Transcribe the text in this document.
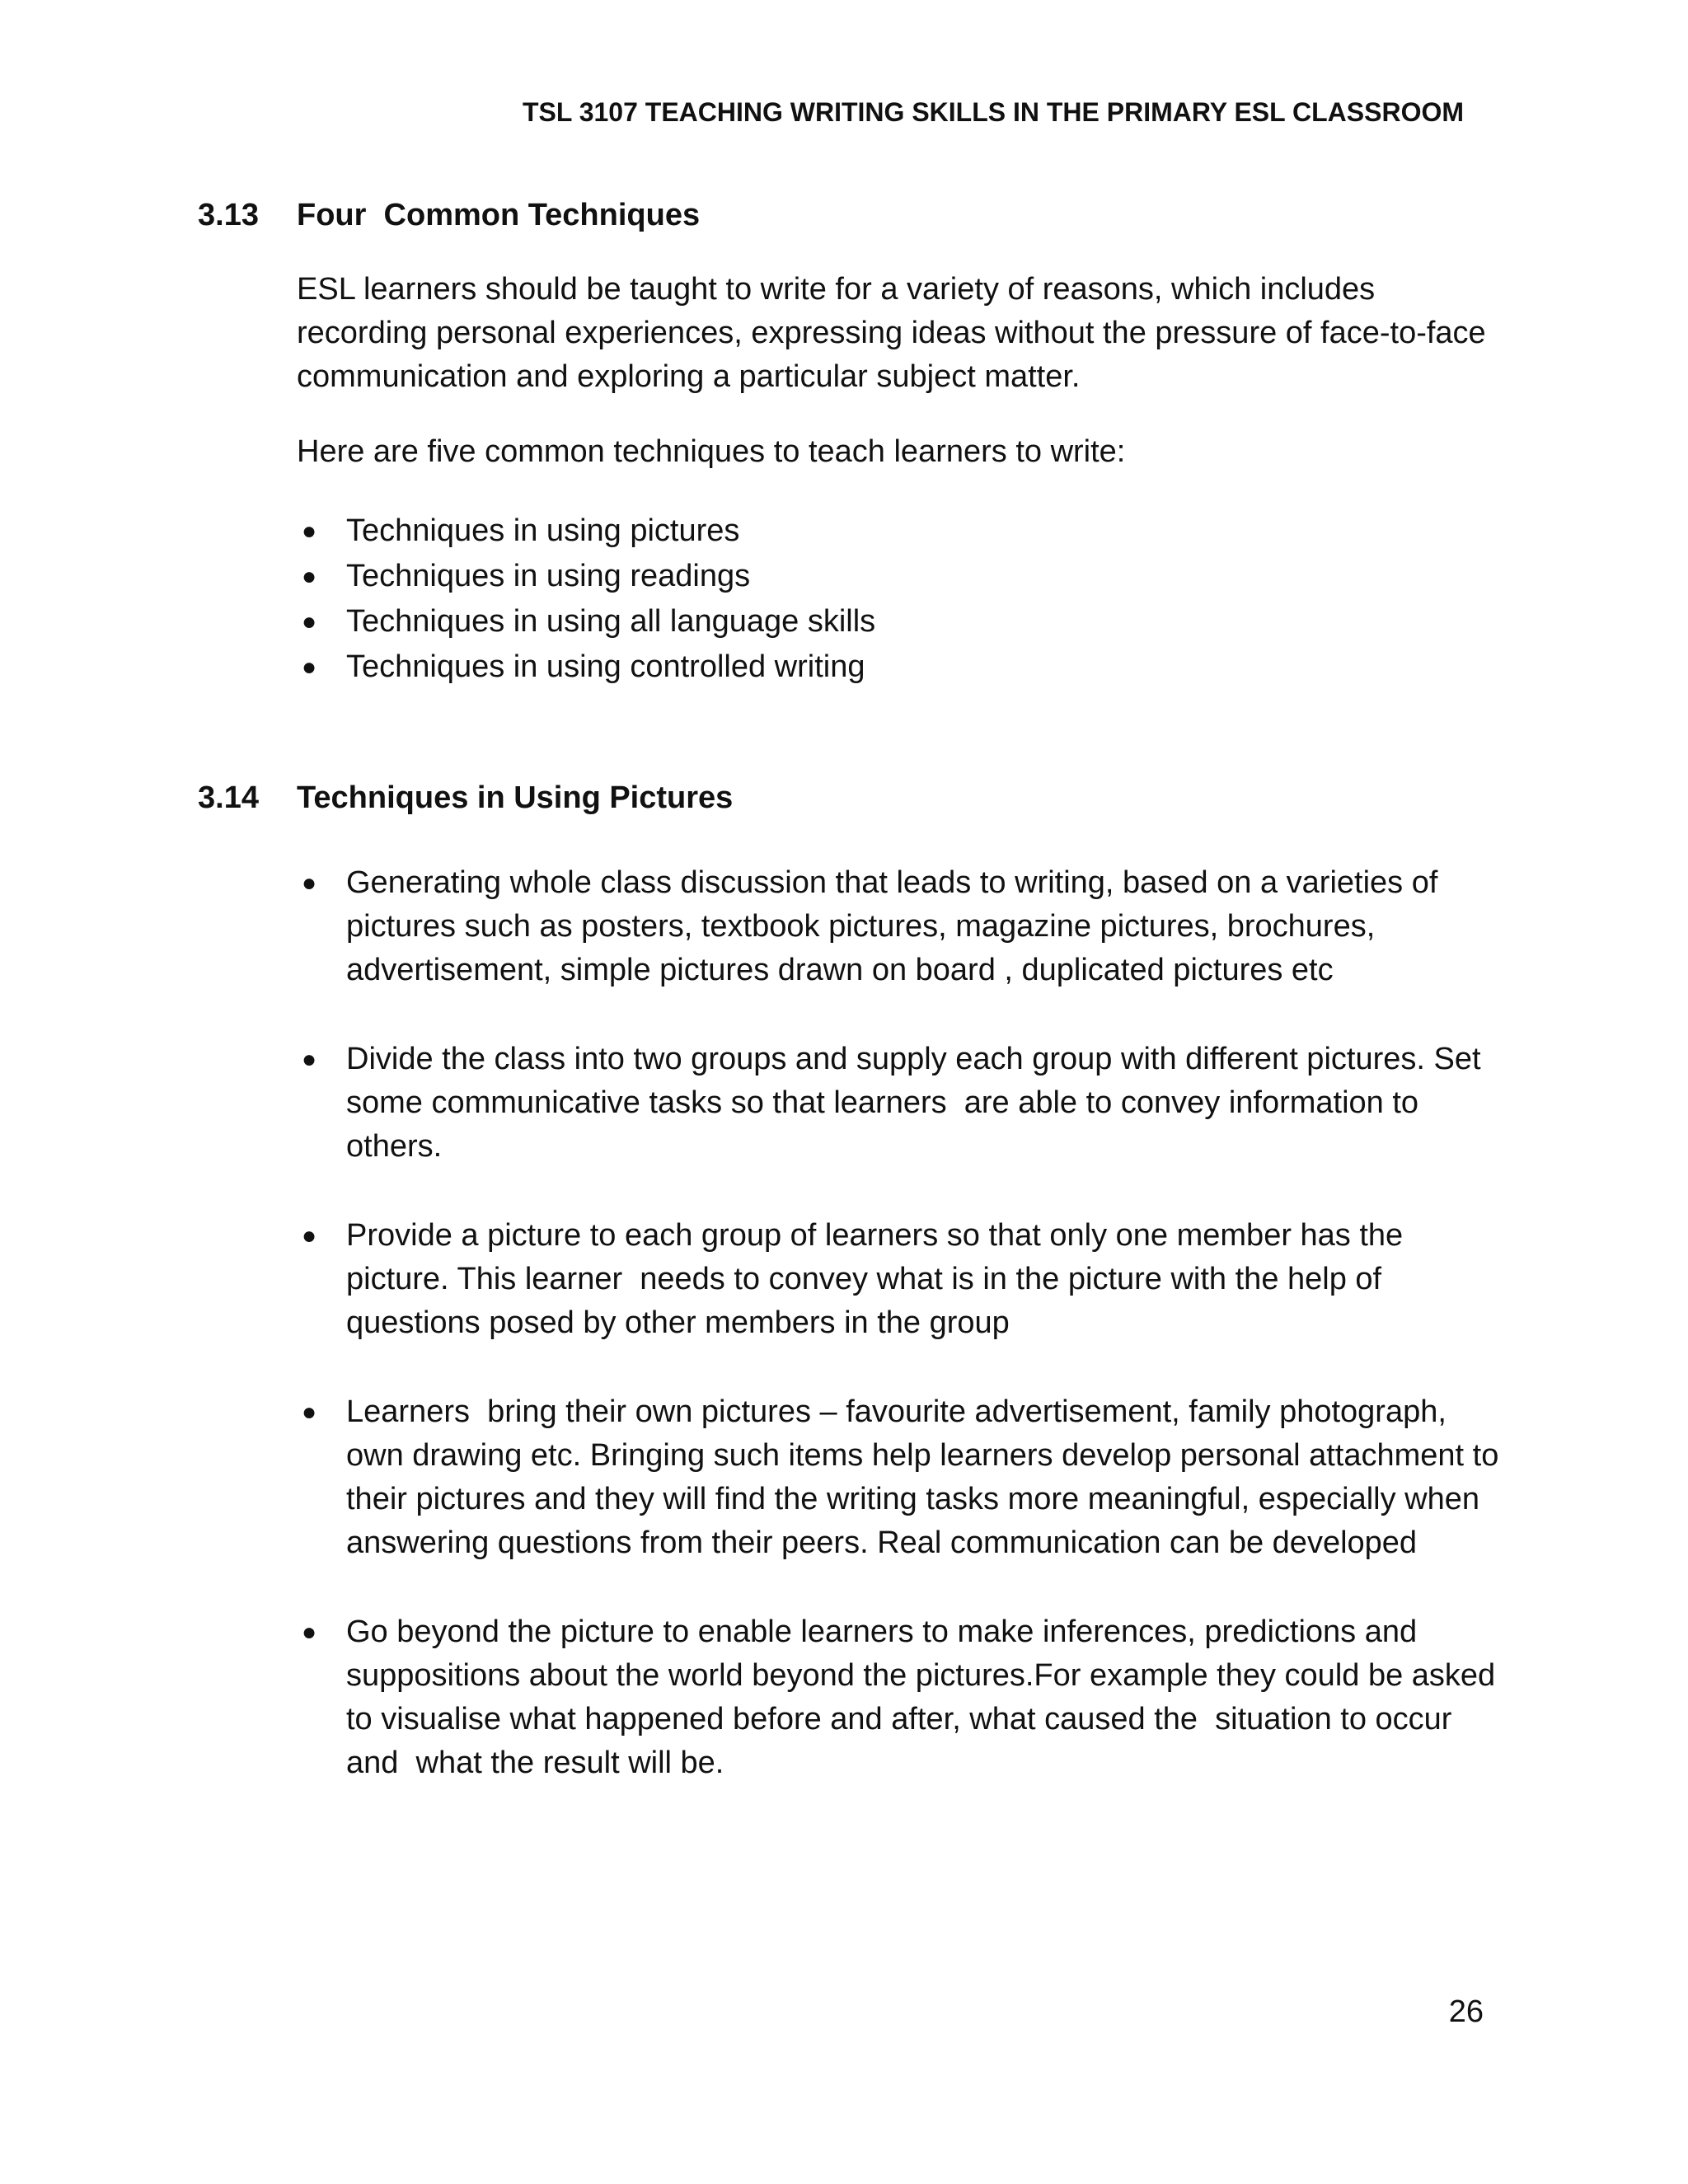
TSL 3107 TEACHING WRITING SKILLS IN THE PRIMARY ESL CLASSROOM
3.13	Four  Common Techniques

ESL learners should be taught to write for a variety of reasons, which includes recording personal experiences, expressing ideas without the pressure of face-to-face communication and exploring a particular subject matter.

Here are five common techniques to teach learners to write:

● Techniques in using pictures
● Techniques in using readings
● Techniques in using all language skills
● Techniques in using controlled writing
3.14	Techniques in Using Pictures
● Generating whole class discussion that leads to writing, based on a varieties of pictures such as posters, textbook pictures, magazine pictures, brochures, advertisement, simple pictures drawn on board , duplicated pictures etc
● Divide the class into two groups and supply each group with different pictures. Set some communicative tasks so that learners  are able to convey information to others.
● Provide a picture to each group of learners so that only one member has the picture. This learner  needs to convey what is in the picture with the help of questions posed by other members in the group
● Learners  bring their own pictures – favourite advertisement, family photograph, own drawing etc. Bringing such items help learners develop personal attachment to their pictures and they will find the writing tasks more meaningful, especially when answering questions from their peers. Real communication can be developed
● Go beyond the picture to enable learners to make inferences, predictions and suppositions about the world beyond the pictures.For example they could be asked to visualise what happened before and after, what caused the  situation to occur and  what the result will be.
26
